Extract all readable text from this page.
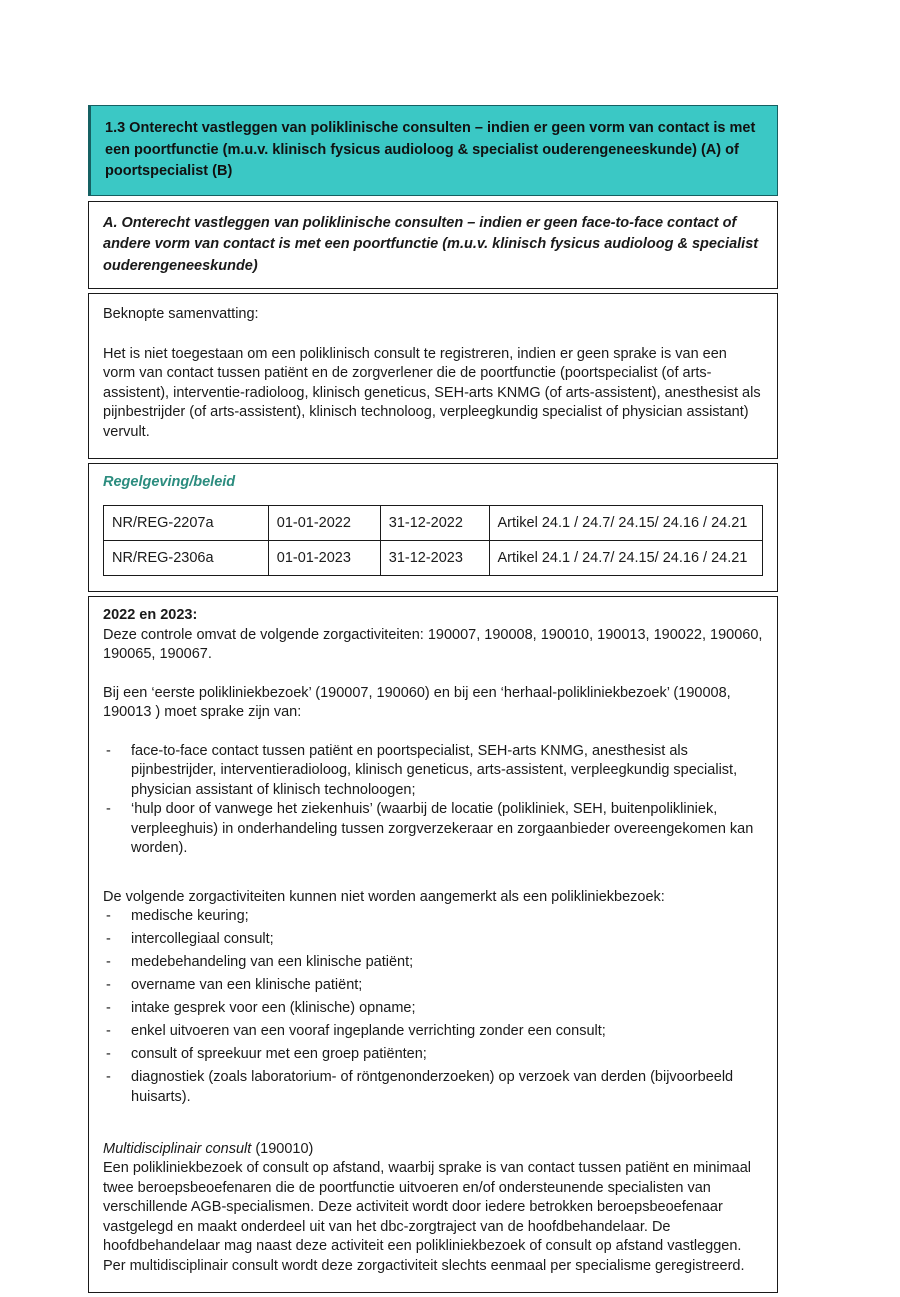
1.3 Onterecht vastleggen van poliklinische consulten – indien er geen vorm van contact is met een poortfunctie (m.u.v. klinisch fysicus audioloog & specialist ouderengeneeskunde) (A) of poortspecialist (B)
A. Onterecht vastleggen van poliklinische consulten – indien er geen face-to-face contact of andere vorm van contact is met een poortfunctie (m.u.v. klinisch fysicus audioloog & specialist ouderengeneeskunde)
Beknopte samenvatting:
Het is niet toegestaan om een poliklinisch consult te registreren, indien er geen sprake is van een vorm van contact tussen patiënt en de zorgverlener die de poortfunctie (poortspecialist (of arts-assistent), interventie-radioloog, klinisch geneticus, SEH-arts KNMG (of arts-assistent), anesthesist als pijnbestrijder (of arts-assistent), klinisch technoloog, verpleegkundig specialist of physician assistant) vervult.
Regelgeving/beleid
NR/REG-2207a	01-01-2022	31-12-2022	Artikel 24.1 / 24.7/ 24.15/ 24.16 / 24.21
NR/REG-2306a	01-01-2023	31-12-2023	Artikel 24.1 / 24.7/ 24.15/ 24.16 / 24.21
2022 en 2023:
Deze controle omvat de volgende zorgactiviteiten: 190007, 190008, 190010, 190013, 190022, 190060, 190065, 190067.
Bij een ‘eerste polikliniekbezoek’ (190007, 190060) en bij een ‘herhaal-polikliniekbezoek’ (190008, 190013 ) moet sprake zijn van:
- face-to-face contact tussen patiënt en poortspecialist, SEH-arts KNMG, anesthesist als pijnbestrijder, interventieradioloog, klinisch geneticus, arts-assistent, verpleegkundig specialist, physician assistant of klinisch technoloogen;
- ‘hulp door of vanwege het ziekenhuis’ (waarbij de locatie (polikliniek, SEH, buitenpolikliniek, verpleeghuis) in onderhandeling tussen zorgverzekeraar en zorgaanbieder overeengekomen kan worden).
De volgende zorgactiviteiten kunnen niet worden aangemerkt als een polikliniekbezoek:
- medische keuring;
- intercollegiaal consult;
- medebehandeling van een klinische patiënt;
- overname van een klinische patiënt;
- intake gesprek voor een (klinische) opname;
- enkel uitvoeren van een vooraf ingeplande verrichting zonder een consult;
- consult of spreekuur met een groep patiënten;
- diagnostiek (zoals laboratorium- of röntgenonderzoeken) op verzoek van derden (bijvoorbeeld huisarts).
Multidisciplinair consult (190010)
Een polikliniekbezoek of consult op afstand, waarbij sprake is van contact tussen patiënt en minimaal twee beroepsbeoefenaren die de poortfunctie uitvoeren en/of ondersteunende specialisten van verschillende AGB-specialismen. Deze activiteit wordt door iedere betrokken beroepsbeoefenaar vastgelegd en maakt onderdeel uit van het dbc-zorgtraject van de hoofdbehandelaar. De hoofdbehandelaar mag naast deze activiteit een polikliniekbezoek of consult op afstand vastleggen. Per multidisciplinair consult wordt deze zorgactiviteit slechts eenmaal per specialisme geregistreerd.
